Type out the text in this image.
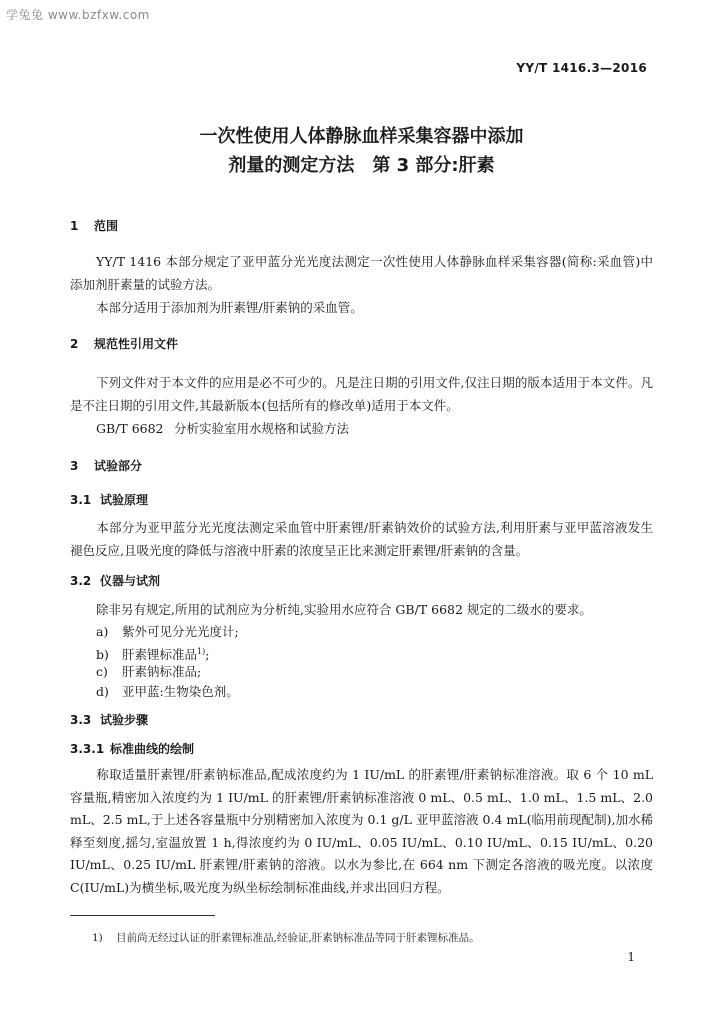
学兔兔 www.bzfxw.com
YY/T 1416.3—2016
一次性使用人体静脉血样采集容器中添加
剂量的测定方法　第 3 部分:肝素
1 范围
YY/T 1416 本部分规定了亚甲蓝分光光度法测定一次性使用人体静脉血样采集容器(简称:采血管)中添加剂肝素量的试验方法。
本部分适用于添加剂为肝素锂/肝素钠的采血管。
2 规范性引用文件
下列文件对于本文件的应用是必不可少的。凡是注日期的引用文件,仅注日期的版本适用于本文件。凡是不注日期的引用文件,其最新版本(包括所有的修改单)适用于本文件。
GB/T 6682 分析实验室用水规格和试验方法
3 试验部分
3.1 试验原理
本部分为亚甲蓝分光光度法测定采血管中肝素锂/肝素钠效价的试验方法,利用肝素与亚甲蓝溶液发生褪色反应,且吸光度的降低与溶液中肝素的浓度呈正比来测定肝素锂/肝素钠的含量。
3.2 仪器与试剂
除非另有规定,所用的试剂应为分析纯,实验用水应符合 GB/T 6682 规定的二级水的要求。
a) 紫外可见分光光度计;
b) 肝素锂标准品$^{1)}$;
c) 肝素钠标准品;
d) 亚甲蓝:生物染色剂。
3.3 试验步骤
3.3.1 标准曲线的绘制
称取适量肝素锂/肝素钠标准品,配成浓度约为 1 IU/mL 的肝素锂/肝素钠标准溶液。取 6 个 10 mL 容量瓶,精密加入浓度约为 1 IU/mL 的肝素锂/肝素钠标准溶液 0 mL、0.5 mL、1.0 mL、1.5 mL、2.0 mL、2.5 mL,于上述各容量瓶中分别精密加入浓度为 0.1 g/L 亚甲蓝溶液 0.4 mL(临用前现配制),加水稀释至刻度,摇匀,室温放置 1 h,得浓度约为 0 IU/mL、0.05 IU/mL、0.10 IU/mL、0.15 IU/mL、0.20 IU/mL、0.25 IU/mL 肝素锂/肝素钠的溶液。以水为参比,在 664 nm 下测定各溶液的吸光度。以浓度 C(IU/mL)为横坐标,吸光度为纵坐标绘制标准曲线,并求出回归方程。
1) 目前尚无经过认证的肝素锂标准品,经验证,肝素钠标准品等同于肝素锂标准品。
1
